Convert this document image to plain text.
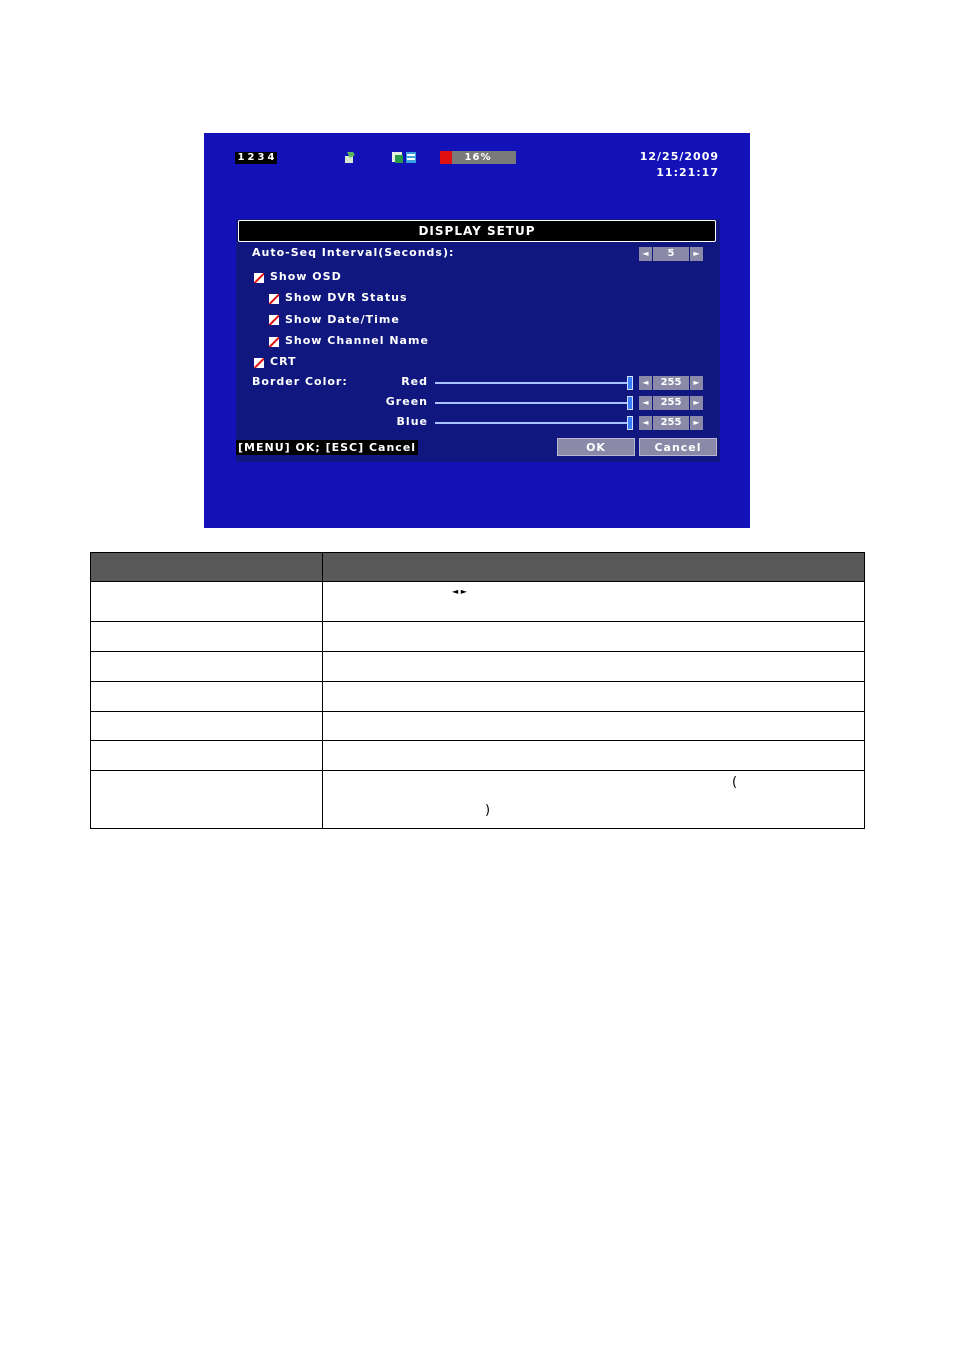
1 2 3 4	16%	12/25/2009
11:21:17
DISPLAY SETUP
Auto-Seq Interval(Seconds):	◄	5	►
Show OSD
Show DVR Status
Show Date/Time
Show Channel Name
CRT
Border Color:	Red	◄	255	►
Green	◄	255	►
Blue	◄	255	►
[MENU] OK; [ESC] Cancel	OK	Cancel

	◄ ►

	(
)
